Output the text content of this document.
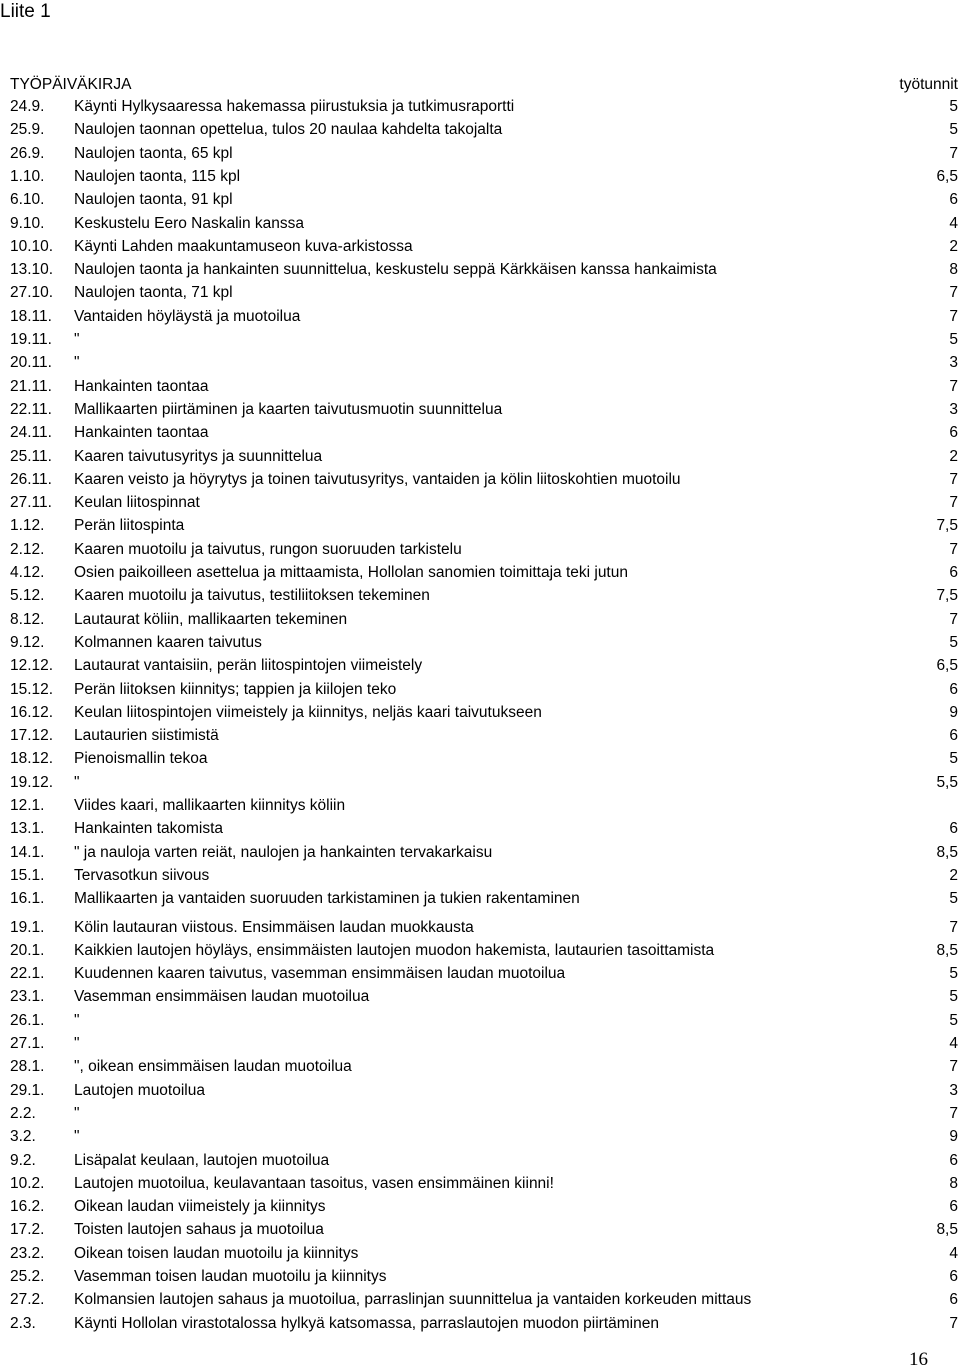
Liite 1
TYÖPÄIVÄKIRJA	työtunnit
24.9. Käynti Hylkysaaressa hakemassa piirustuksia ja tutkimusraportti	5
25.9. Naulojen taonnan opettelua, tulos 20 naulaa kahdelta takojalta	5
26.9. Naulojen taonta, 65 kpl	7
1.10. Naulojen taonta, 115 kpl	6,5
6.10. Naulojen taonta, 91 kpl	6
9.10. Keskustelu Eero Naskalin kanssa	4
10.10. Käynti Lahden maakuntamuseon kuva-arkistossa	2
13.10. Naulojen taonta ja hankainten suunnittelua, keskustelu seppä Kärkkäisen kanssa hankaimista	8
27.10. Naulojen taonta, 71 kpl	7
18.11. Vantaiden höyläystä ja muotoilua	7
19.11. "	5
20.11. "	3
21.11. Hankainten taontaa	7
22.11. Mallikaarten piirtäminen ja kaarten taivutusmuotin suunnittelua	3
24.11. Hankainten taontaa	6
25.11. Kaaren taivutusyritys ja suunnittelua	2
26.11. Kaaren veisto ja höyrytys ja toinen taivutusyritys, vantaiden ja kölin liitoskohtien muotoilu	7
27.11. Keulan liitospinnat	7
1.12. Perän liitospinta	7,5
2.12. Kaaren muotoilu ja taivutus, rungon suoruuden tarkistelu	7
4.12. Osien paikoilleen asettelua ja mittaamista, Hollolan sanomien toimittaja teki jutun	6
5.12. Kaaren muotoilu ja taivutus, testiliitoksen tekeminen	7,5
8.12. Lautaurat köliin, mallikaarten tekeminen	7
9.12. Kolmannen kaaren taivutus	5
12.12. Lautaurat vantaisiin, perän liitospintojen viimeistely	6,5
15.12. Perän liitoksen kiinnitys; tappien ja kiilojen teko	6
16.12. Keulan liitospintojen viimeistely ja kiinnitys, neljäs kaari taivutukseen	9
17.12. Lautaurien siistimistä	6
18.12. Pienoismallin tekoa	5
19.12. "	5,5
12.1. Viides kaari, mallikaarten kiinnitys köliin
13.1. Hankainten takomista	6
14.1. " ja nauloja varten reiät, naulojen ja hankainten tervakarkaisu	8,5
15.1. Tervasotkun siivous	2
16.1. Mallikaarten ja vantaiden suoruuden tarkistaminen ja tukien rakentaminen	5
19.1. Kölin lautauran viistous. Ensimmäisen laudan muokkausta	7
20.1. Kaikkien lautojen höyläys, ensimmäisten lautojen muodon hakemista, lautaurien tasoittamista	8,5
22.1. Kuudennen kaaren taivutus, vasemman ensimmäisen laudan muotoilua	5
23.1. Vasemman ensimmäisen laudan muotoilua	5
26.1. "	5
27.1. "	4
28.1. ", oikean ensimmäisen laudan muotoilua	7
29.1. Lautojen muotoilua	3
2.2. "	7
3.2. "	9
9.2. Lisäpalat keulaan, lautojen muotoilua	6
10.2. Lautojen muotoilua, keulavantaan tasoitus, vasen ensimmäinen kiinni!	8
16.2. Oikean laudan viimeistely ja kiinnitys	6
17.2. Toisten lautojen sahaus ja muotoilua	8,5
23.2. Oikean toisen laudan muotoilu ja kiinnitys	4
25.2. Vasemman toisen laudan muotoilu ja kiinnitys	6
27.2. Kolmansien lautojen sahaus ja muotoilua, parraslinjan suunnittelua ja vantaiden korkeuden mittaus	6
2.3. Käynti Hollolan virastotalossa hylkyä katsomassa, parraslautojen muodon piirtäminen	7
16
